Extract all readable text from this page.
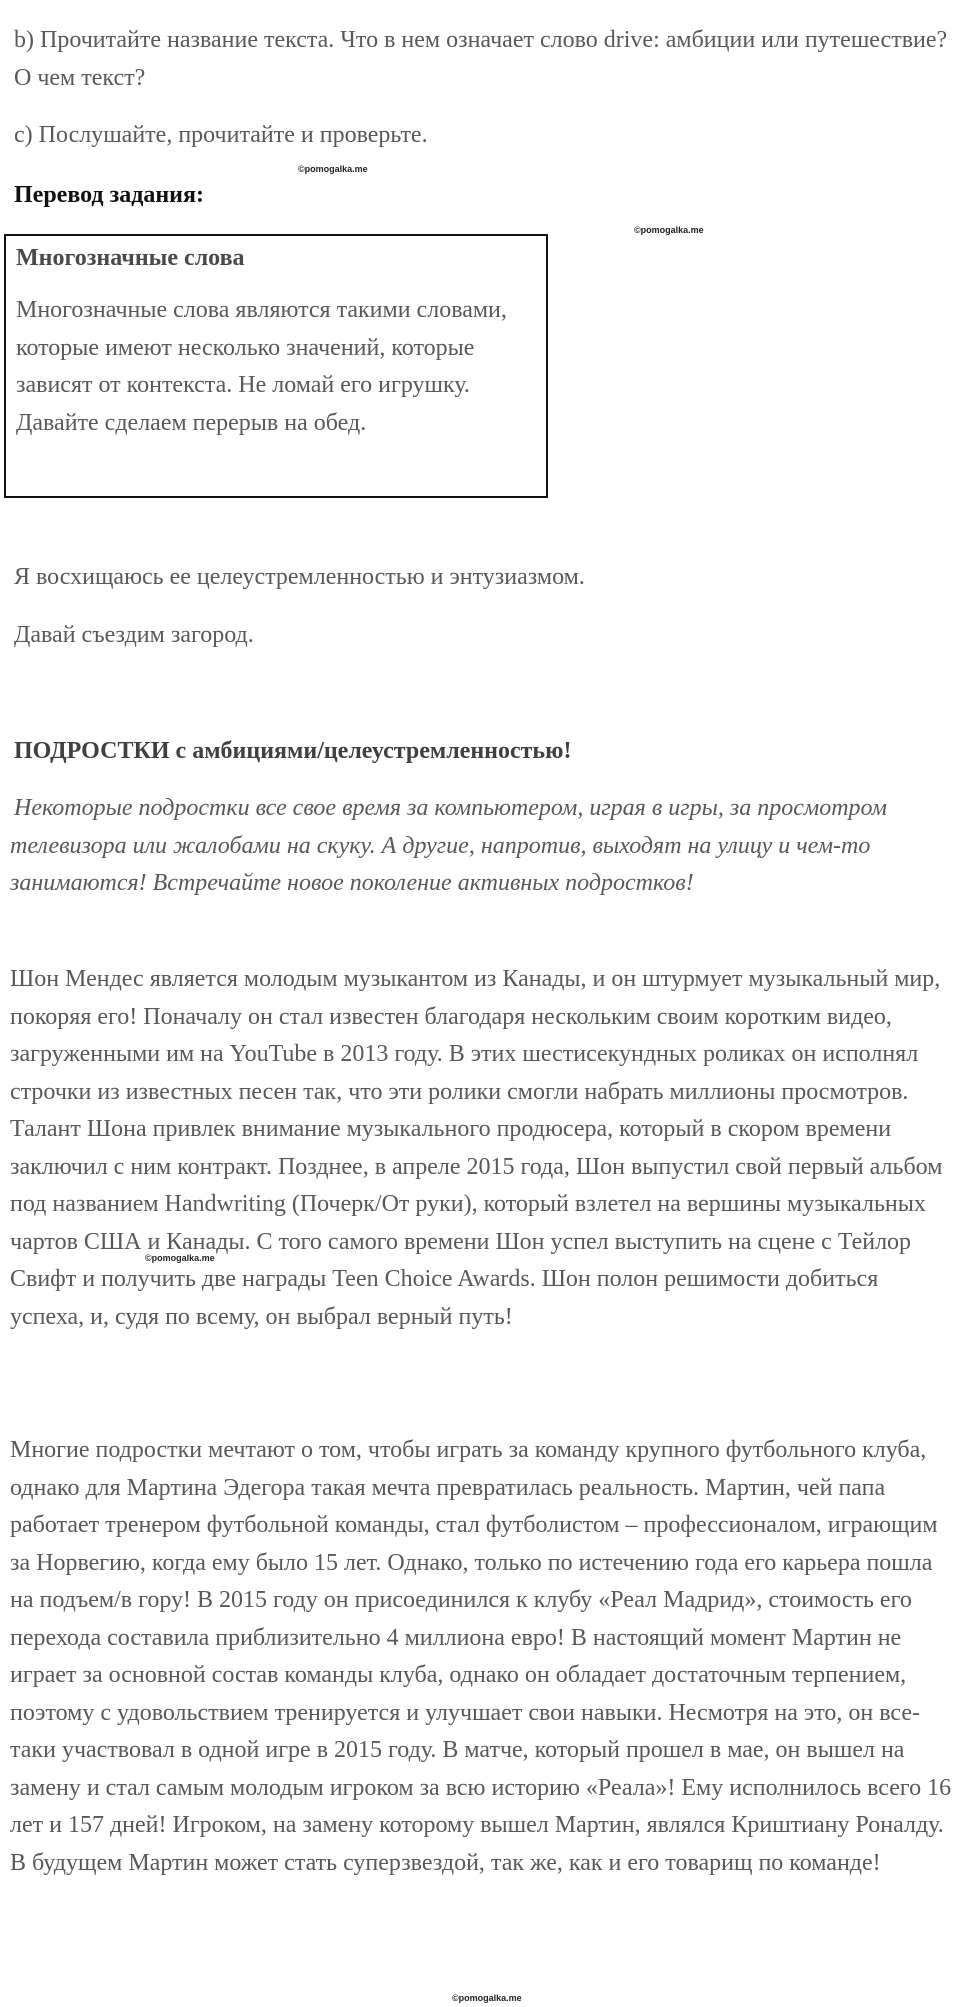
b) Прочитайте название текста. Что в нем означает слово drive: амбиции или путешествие? О чем текст?

c) Послушайте, прочитайте и проверьте.

©pomogalka.me

Перевод задания:

©pomogalka.me

Многозначные слова

Многозначные слова являются такими словами, которые имеют несколько значений, которые зависят от контекста. Не ломай его игрушку. Давайте сделаем перерыв на обед.

Я восхищаюсь ее целеустремленностью и энтузиазмом.

Давай съездим загород.

ПОДРОСТКИ с амбициями/целеустремленностью!

Некоторые подростки все свое время за компьютером, играя в игры, за просмотром телевизора или жалобами на скуку. А другие, напротив, выходят на улицу и чем-то занимаются! Встречайте новое поколение активных подростков!

Шон Мендес является молодым музыкантом из Канады, и он штурмует музыкальный мир, покоряя его! Поначалу он стал известен благодаря нескольким своим коротким видео, загруженными им на YouTube в 2013 году. В этих шестисекундных роликах он исполнял строчки из известных песен так, что эти ролики смогли набрать миллионы просмотров. Талант Шона привлек внимание музыкального продюсера, который в скором времени заключил с ним контракт. Позднее, в апреле 2015 года, Шон выпустил свой первый альбом под названием Handwriting (Почерк/От руки), который взлетел на вершины музыкальных чартов США и Канады. С того самого времени Шон успел выступить на сцене с Тейлор Свифт и получить две награды Teen Choice Awards. Шон полон решимости добиться успеха, и, судя по всему, он выбрал верный путь!

©pomogalka.me

Многие подростки мечтают о том, чтобы играть за команду крупного футбольного клуба, однако для Мартина Эдегора такая мечта превратилась реальность. Мартин, чей папа работает тренером футбольной команды, стал футболистом – профессионалом, играющим за Норвегию, когда ему было 15 лет. Однако, только по истечению года его карьера пошла на подъем/в гору! В 2015 году он присоединился к клубу «Реал Мадрид», стоимость его перехода составила приблизительно 4 миллиона евро! В настоящий момент Мартин не играет за основной состав команды клуба, однако он обладает достаточным терпением, поэтому с удовольствием тренируется и улучшает свои навыки. Несмотря на это, он все-таки участвовал в одной игре в 2015 году. В матче, который прошел в мае, он вышел на замену и стал самым молодым игроком за всю историю «Реала»! Ему исполнилось всего 16 лет и 157 дней! Игроком, на замену которому вышел Мартин, являлся Криштиану Роналду. В будущем Мартин может стать суперзвездой, так же, как и его товарищ по команде!

©pomogalka.me
